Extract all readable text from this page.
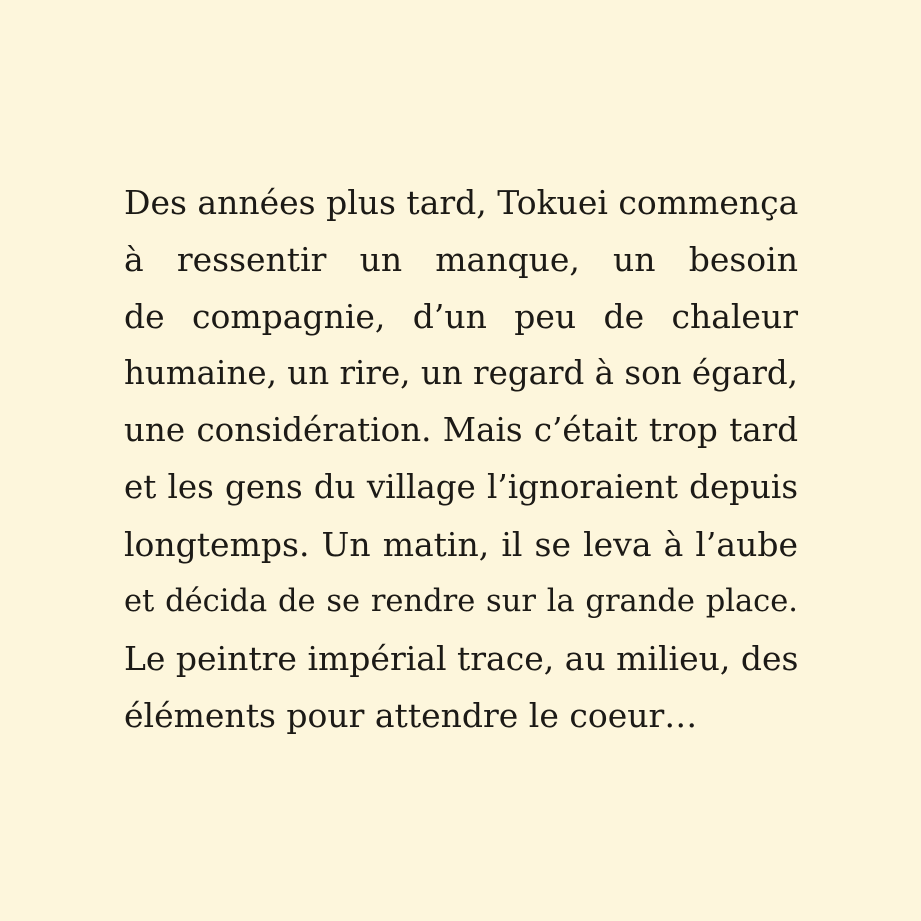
Des années plus tard, Tokuei commença
à ressentir un manque, un besoin
de compagnie, d’un peu de chaleur
humaine, un rire, un regard à son égard,
une considération. Mais c’était trop tard
et les gens du village l’ignoraient depuis
longtemps. Un matin, il se leva à l’aube
et décida de se rendre sur la grande place.
Le peintre impérial trace, au milieu, des
éléments pour attendre le coeur…
